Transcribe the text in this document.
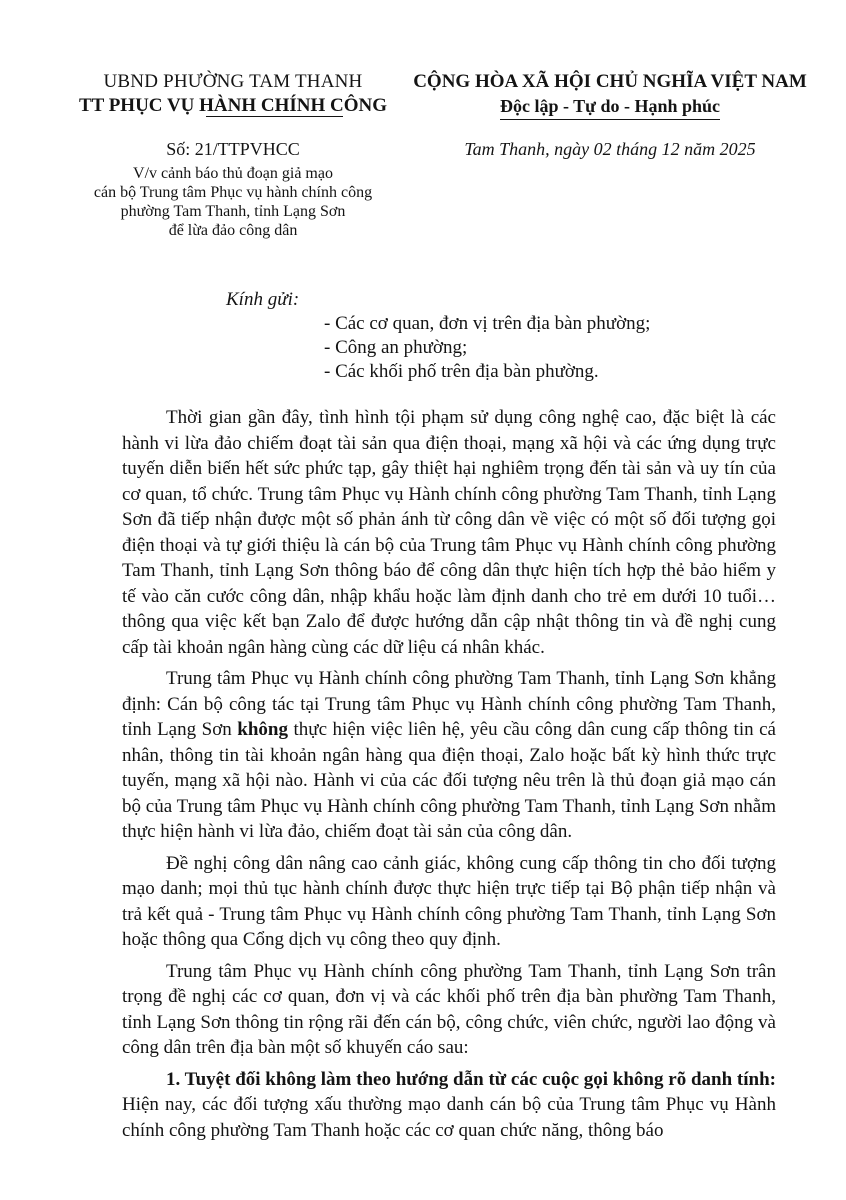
UBND PHƯỜNG TAM THANH
TT PHỤC VỤ HÀNH CHÍNH CÔNG
CỘNG HÒA XÃ HỘI CHỦ NGHĨA VIỆT NAM
Độc lập - Tự do - Hạnh phúc
Số: 21/TTPVHCC	Tam Thanh, ngày 02 tháng 12 năm 2025
V/v cảnh báo thủ đoạn giả mạo
cán bộ Trung tâm Phục vụ hành chính công
phường Tam Thanh, tỉnh Lạng Sơn
để lừa đảo công dân
Kính gửi:
- Các cơ quan, đơn vị trên địa bàn phường;
- Công an phường;
- Các khối phố trên địa bàn phường.

Thời gian gần đây, tình hình tội phạm sử dụng công nghệ cao, đặc biệt là các hành vi lừa đảo chiếm đoạt tài sản qua điện thoại, mạng xã hội và các ứng dụng trực tuyến diễn biến hết sức phức tạp, gây thiệt hại nghiêm trọng đến tài sản và uy tín của cơ quan, tổ chức. Trung tâm Phục vụ Hành chính công phường Tam Thanh, tỉnh Lạng Sơn đã tiếp nhận được một số phản ánh từ công dân về việc có một số đối tượng gọi điện thoại và tự giới thiệu là cán bộ của Trung tâm Phục vụ Hành chính công phường Tam Thanh, tỉnh Lạng Sơn thông báo để công dân thực hiện tích hợp thẻ bảo hiểm y tế vào căn cước công dân, nhập khẩu hoặc làm định danh cho trẻ em dưới 10 tuổi… thông qua việc kết bạn Zalo để được hướng dẫn cập nhật thông tin và đề nghị cung cấp tài khoản ngân hàng cùng các dữ liệu cá nhân khác.

Trung tâm Phục vụ Hành chính công phường Tam Thanh, tỉnh Lạng Sơn khẳng định: Cán bộ công tác tại Trung tâm Phục vụ Hành chính công phường Tam Thanh, tỉnh Lạng Sơn không thực hiện việc liên hệ, yêu cầu công dân cung cấp thông tin cá nhân, thông tin tài khoản ngân hàng qua điện thoại, Zalo hoặc bất kỳ hình thức trực tuyến, mạng xã hội nào. Hành vi của các đối tượng nêu trên là thủ đoạn giả mạo cán bộ của Trung tâm Phục vụ Hành chính công phường Tam Thanh, tỉnh Lạng Sơn nhằm thực hiện hành vi lừa đảo, chiếm đoạt tài sản của công dân.

Đề nghị công dân nâng cao cảnh giác, không cung cấp thông tin cho đối tượng mạo danh; mọi thủ tục hành chính được thực hiện trực tiếp tại Bộ phận tiếp nhận và trả kết quả - Trung tâm Phục vụ Hành chính công phường Tam Thanh, tỉnh Lạng Sơn hoặc thông qua Cổng dịch vụ công theo quy định.

Trung tâm Phục vụ Hành chính công phường Tam Thanh, tỉnh Lạng Sơn trân trọng đề nghị các cơ quan, đơn vị và các khối phố trên địa bàn phường Tam Thanh, tỉnh Lạng Sơn thông tin rộng rãi đến cán bộ, công chức, viên chức, người lao động và công dân trên địa bàn một số khuyến cáo sau:

1. Tuyệt đối không làm theo hướng dẫn từ các cuộc gọi không rõ danh tính: Hiện nay, các đối tượng xấu thường mạo danh cán bộ của Trung tâm Phục vụ Hành chính công phường Tam Thanh hoặc các cơ quan chức năng, thông báo
